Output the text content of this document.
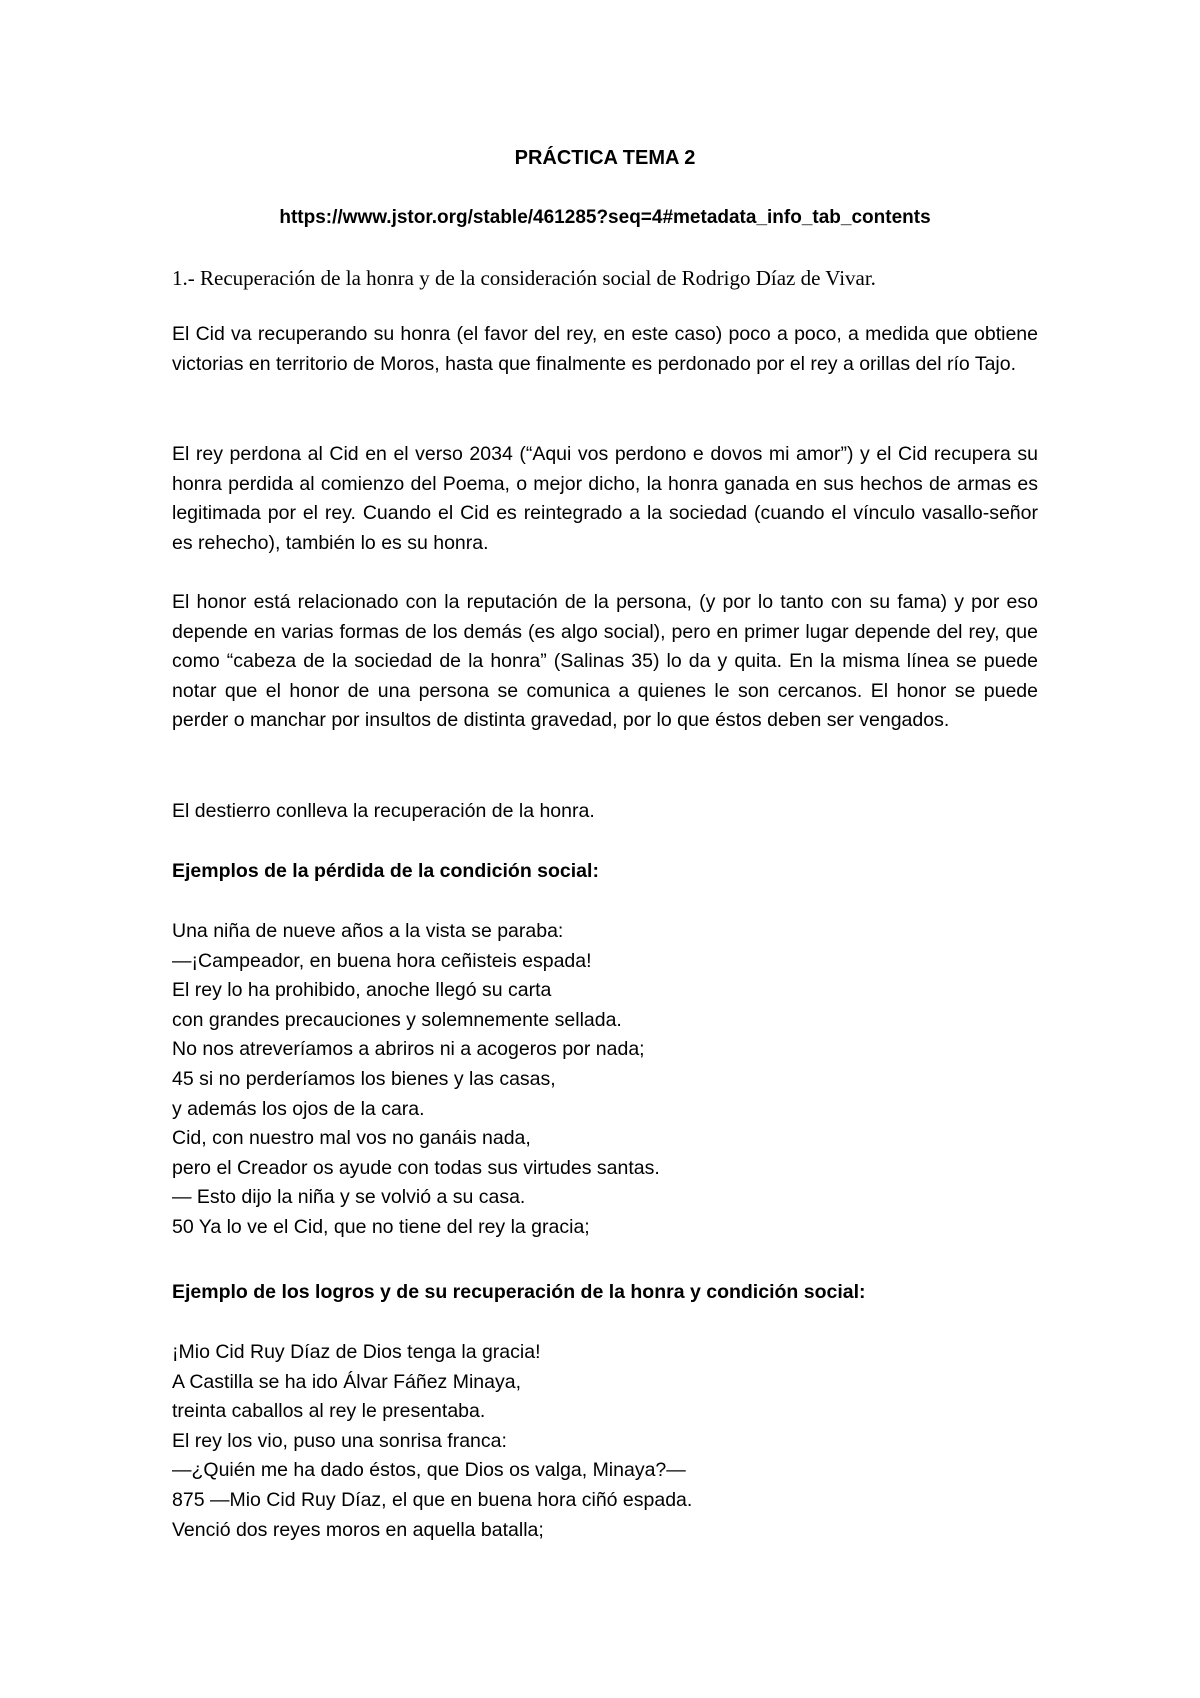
PRÁCTICA TEMA 2
https://www.jstor.org/stable/461285?seq=4#metadata_info_tab_contents
1.- Recuperación de la honra y de la consideración social de Rodrigo Díaz de Vivar.

El Cid va recuperando su honra (el favor del rey, en este caso) poco a poco, a medida que obtiene victorias en territorio de Moros, hasta que finalmente es perdonado por el rey a orillas del río Tajo.

El rey perdona al Cid en el verso 2034 (“Aqui vos perdono e dovos mi amor”) y el Cid recupera su honra perdida al comienzo del Poema, o mejor dicho, la honra ganada en sus hechos de armas es legitimada por el rey. Cuando el Cid es reintegrado a la sociedad (cuando el vínculo vasallo-señor es rehecho), también lo es su honra.

El honor está relacionado con la reputación de la persona, (y por lo tanto con su fama) y por eso depende en varias formas de los demás (es algo social), pero en primer lugar depende del rey, que como “cabeza de la sociedad de la honra” (Salinas 35) lo da y quita. En la misma línea se puede notar que el honor de una persona se comunica a quienes le son cercanos. El honor se puede perder o manchar por insultos de distinta gravedad, por lo que éstos deben ser vengados.

El destierro conlleva la recuperación de la honra.

Ejemplos de la pérdida de la condición social:
Una niña de nueve años a la vista se paraba:
—¡Campeador, en buena hora ceñisteis espada!
El rey lo ha prohibido, anoche llegó su carta
con grandes precauciones y solemnemente sellada.
No nos atreveríamos a abriros ni a acogeros por nada;
45 si no perderíamos los bienes y las casas,
y además los ojos de la cara.
Cid, con nuestro mal vos no ganáis nada,
pero el Creador os ayude con todas sus virtudes santas.
— Esto dijo la niña y se volvió a su casa.
50 Ya lo ve el Cid, que no tiene del rey la gracia;
Ejemplo de los logros y de su recuperación de la honra y condición social:
¡Mio Cid Ruy Díaz de Dios tenga la gracia!
A Castilla se ha ido Álvar Fáñez Minaya,
treinta caballos al rey le presentaba.
El rey los vio, puso una sonrisa franca:
—¿Quién me ha dado éstos, que Dios os valga, Minaya?—
875 —Mio Cid Ruy Díaz, el que en buena hora ciñó espada.
Venció dos reyes moros en aquella batalla;
